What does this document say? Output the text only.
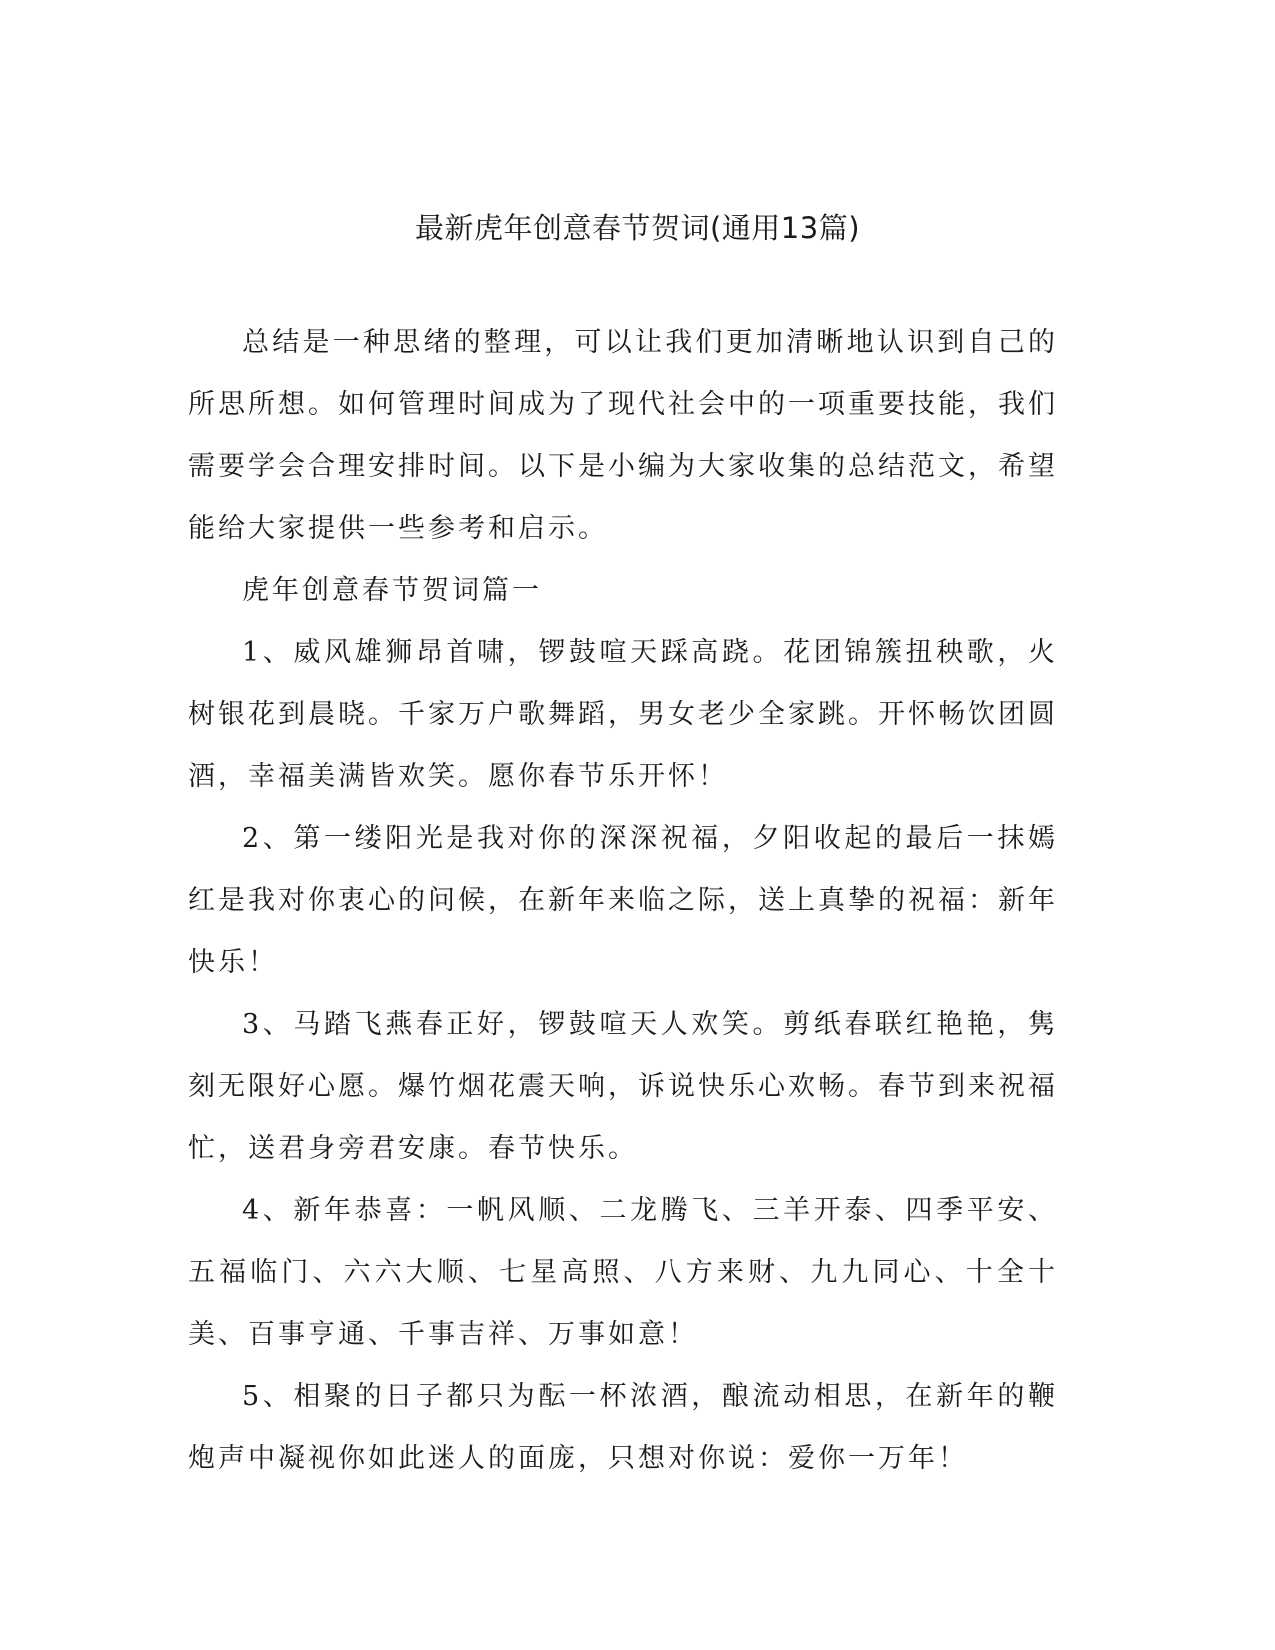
最新虎年创意春节贺词(通用13篇)

总结是一种思绪的整理，可以让我们更加清晰地认识到自己的所思所想。如何管理时间成为了现代社会中的一项重要技能，我们需要学会合理安排时间。以下是小编为大家收集的总结范文，希望能给大家提供一些参考和启示。

虎年创意春节贺词篇一

1、威风雄狮昂首啸，锣鼓喧天踩高跷。花团锦簇扭秧歌，火树银花到晨晓。千家万户歌舞蹈，男女老少全家跳。开怀畅饮团圆酒，幸福美满皆欢笑。愿你春节乐开怀！

2、第一缕阳光是我对你的深深祝福，夕阳收起的最后一抹嫣红是我对你衷心的问候，在新年来临之际，送上真挚的祝福：新年快乐！

3、马踏飞燕春正好，锣鼓喧天人欢笑。剪纸春联红艳艳，隽刻无限好心愿。爆竹烟花震天响，诉说快乐心欢畅。春节到来祝福忙，送君身旁君安康。春节快乐。

4、新年恭喜：一帆风顺、二龙腾飞、三羊开泰、四季平安、五福临门、六六大顺、七星高照、八方来财、九九同心、十全十美、百事亨通、千事吉祥、万事如意！

5、相聚的日子都只为酝一杯浓酒，酿流动相思，在新年的鞭炮声中凝视你如此迷人的面庞，只想对你说：爱你一万年！
